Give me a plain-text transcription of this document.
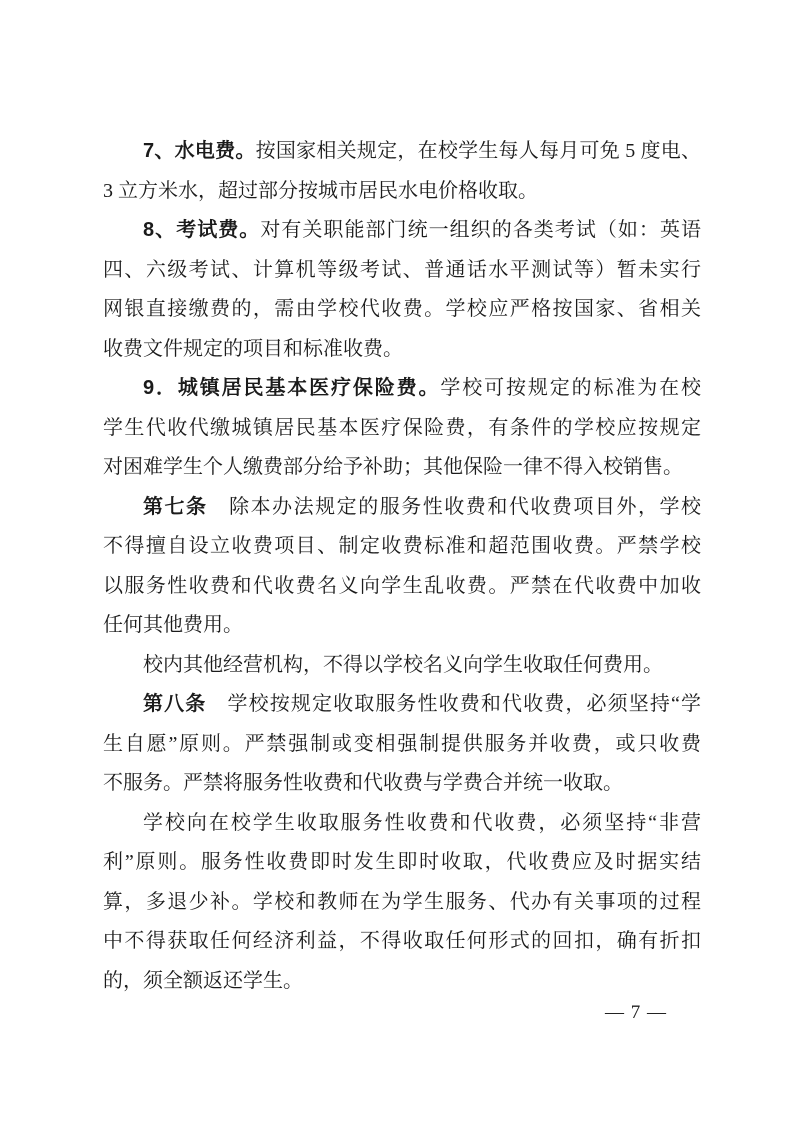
7、水电费。按国家相关规定，在校学生每人每月可免 5 度电、
3 立方米水，超过部分按城市居民水电价格收取。
8、考试费。对有关职能部门统一组织的各类考试（如：英语
四、六级考试、计算机等级考试、普通话水平测试等）暂未实行
网银直接缴费的，需由学校代收费。学校应严格按国家、省相关
收费文件规定的项目和标准收费。
9．城镇居民基本医疗保险费。学校可按规定的标准为在校
学生代收代缴城镇居民基本医疗保险费，有条件的学校应按规定
对困难学生个人缴费部分给予补助；其他保险一律不得入校销售。
第七条　除本办法规定的服务性收费和代收费项目外，学校
不得擅自设立收费项目、制定收费标准和超范围收费。严禁学校
以服务性收费和代收费名义向学生乱收费。严禁在代收费中加收
任何其他费用。
校内其他经营机构，不得以学校名义向学生收取任何费用。
第八条　学校按规定收取服务性收费和代收费，必须坚持“学
生自愿”原则。严禁强制或变相强制提供服务并收费，或只收费
不服务。严禁将服务性收费和代收费与学费合并统一收取。
学校向在校学生收取服务性收费和代收费，必须坚持“非营
利”原则。服务性收费即时发生即时收取，代收费应及时据实结
算，多退少补。学校和教师在为学生服务、代办有关事项的过程
中不得获取任何经济利益，不得收取任何形式的回扣，确有折扣
的，须全额返还学生。
— 7 —
